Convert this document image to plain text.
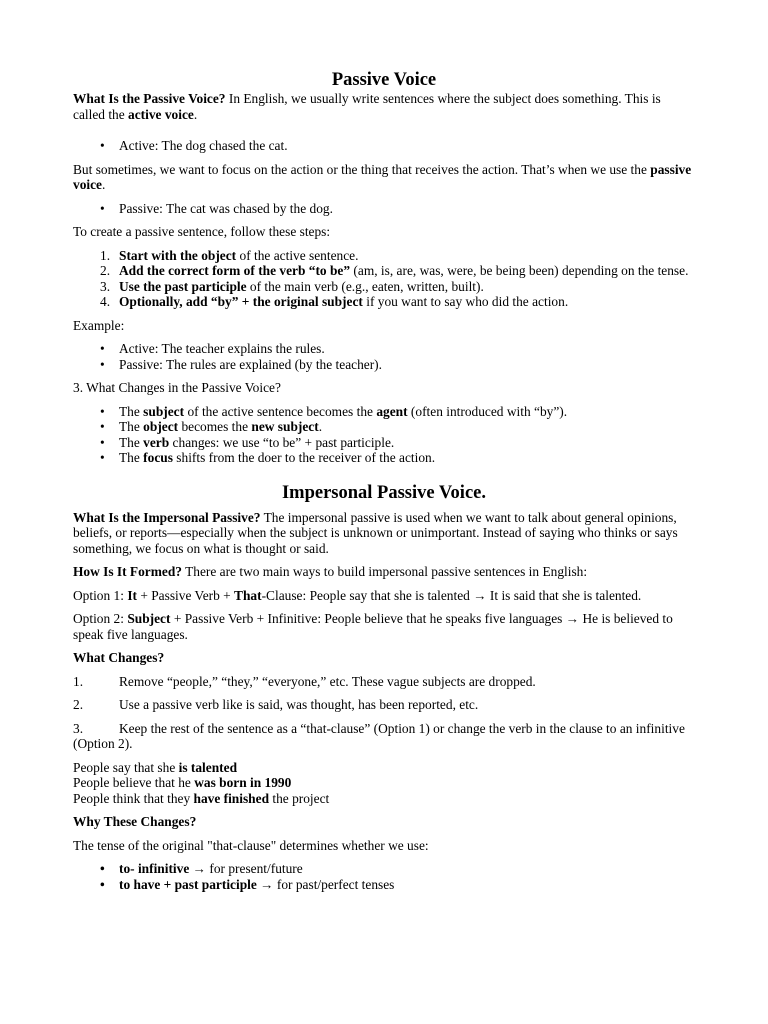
Passive Voice

What Is the Passive Voice? In English, we usually write sentences where the subject does something. This is called the active voice.

• Active: The dog chased the cat.

But sometimes, we want to focus on the action or the thing that receives the action. That’s when we use the passive voice.

• Passive: The cat was chased by the dog.

To create a passive sentence, follow these steps:

1. Start with the object of the active sentence.
2. Add the correct form of the verb “to be” (am, is, are, was, were, be being been) depending on the tense.
3. Use the past participle of the main verb (e.g., eaten, written, built).
4. Optionally, add “by” + the original subject if you want to say who did the action.

Example:

• Active: The teacher explains the rules.
• Passive: The rules are explained (by the teacher).

3. What Changes in the Passive Voice?

• The subject of the active sentence becomes the agent (often introduced with “by”).
• The object becomes the new subject.
• The verb changes: we use “to be” + past participle.
• The focus shifts from the doer to the receiver of the action.
Impersonal Passive Voice.

What Is the Impersonal Passive? The impersonal passive is used when we want to talk about general opinions, beliefs, or reports—especially when the subject is unknown or unimportant. Instead of saying who thinks or says something, we focus on what is thought or said.

How Is It Formed? There are two main ways to build impersonal passive sentences in English:

Option 1: It + Passive Verb + That-Clause: People say that she is talented → It is said that she is talented.

Option 2: Subject + Passive Verb + Infinitive: People believe that he speaks five languages → He is believed to speak five languages.

What Changes?

1.	Remove “people,” “they,” “everyone,” etc. These vague subjects are dropped.

2.	Use a passive verb like is said, was thought, has been reported, etc.

3.	Keep the rest of the sentence as a “that-clause” (Option 1) or change the verb in the clause to an infinitive (Option 2).

People say that she is talented
People believe that he was born in 1990
People think that they have finished the project

Why These Changes?

The tense of the original "that-clause" determines whether we use:

• to- infinitive → for present/future
• to have + past participle → for past/perfect tenses
